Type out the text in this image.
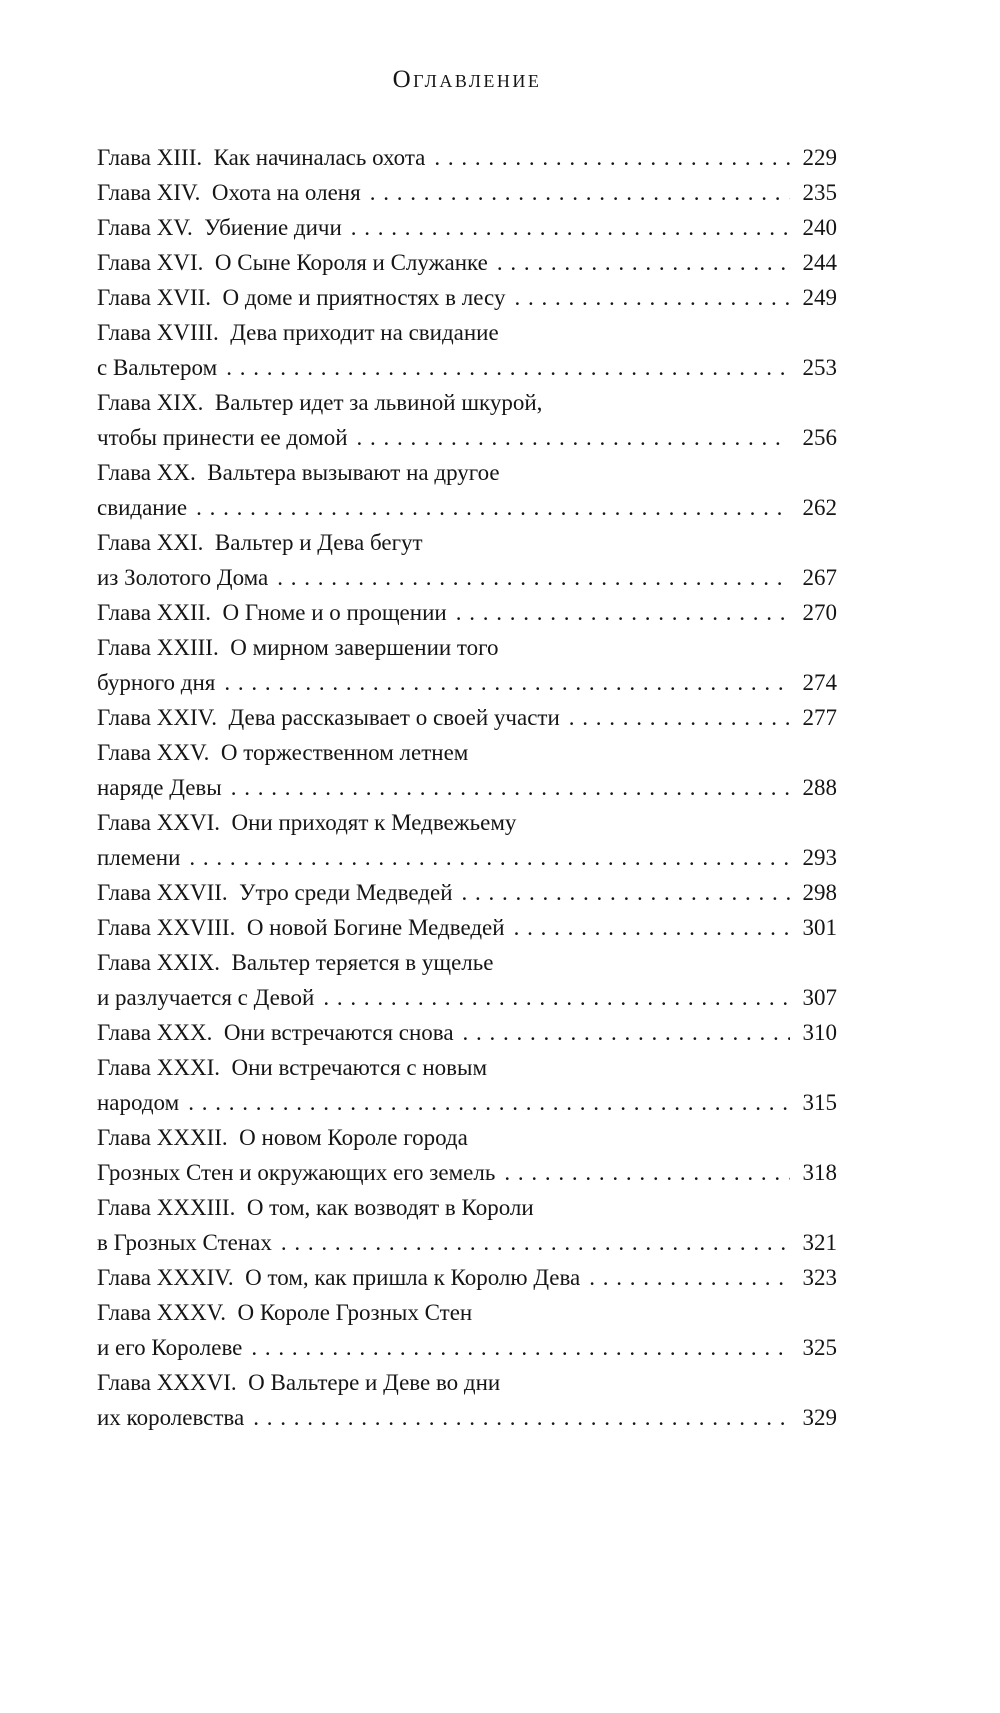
Оглавление
Глава XIII.  Как начиналась охота . . .	229
Глава XIV.  Охота на оленя . . .	235
Глава XV.  Убиение дичи . . .	240
Глава XVI.  О Сыне Короля и Служанке . . .	244
Глава XVII.  О доме и приятностях в лесу . . .	249
Глава XVIII.  Дева приходит на свидание
с Вальтером . . .	253
Глава XIX.  Вальтер идет за львиной шкурой,
чтобы принести ее домой . . .	256
Глава XX.  Вальтера вызывают на другое
свидание . . .	262
Глава XXI.  Вальтер и Дева бегут
из Золотого Дома . . .	267
Глава XXII.  О Гноме и о прощении . . .	270
Глава XXIII.  О мирном завершении того
бурного дня . . .	274
Глава XXIV.  Дева рассказывает о своей участи . . .	277
Глава XXV.  О торжественном летнем
наряде Девы . . .	288
Глава XXVI.  Они приходят к Медвежьему
племени . . .	293
Глава XXVII.  Утро среди Медведей . . .	298
Глава XXVIII.  О новой Богине Медведей . . .	301
Глава XXIX.  Вальтер теряется в ущелье
и разлучается с Девой . . .	307
Глава XXX.  Они встречаются снова . . .	310
Глава XXXI.  Они встречаются с новым
народом . . .	315
Глава XXXII.  О новом Короле города
Грозных Стен и окружающих его земель . . .	318
Глава XXXIII.  О том, как возводят в Короли
в Грозных Стенах . . .	321
Глава XXXIV.  О том, как пришла к Королю Дева . . .	323
Глава XXXV.  О Короле Грозных Стен
и его Королеве . . .	325
Глава XXXVI.  О Вальтере и Деве во дни
их королевства . . .	329
